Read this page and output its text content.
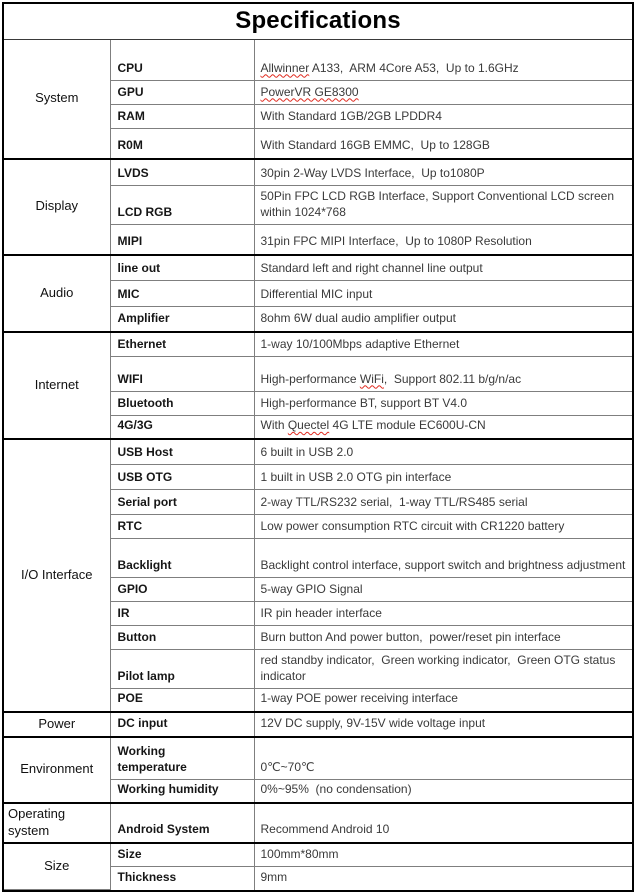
Specifications
System	CPU	Allwinner A133,  ARM 4Core A53,  Up to 1.6GHz
	GPU	PowerVR GE8300
	RAM	With Standard 1GB/2GB LPDDR4
	R0M	With Standard 16GB EMMC,  Up to 128GB
Display	LVDS	30pin 2-Way LVDS Interface,  Up to1080P
	LCD RGB	50Pin FPC LCD RGB Interface, Support Conventional LCD screen within 1024*768
	MIPI	31pin FPC MIPI Interface,  Up to 1080P Resolution
Audio	line out	Standard left and right channel line output
	MIC	Differential MIC input
	Amplifier	8ohm 6W dual audio amplifier output
Internet	Ethernet	1-way 10/100Mbps adaptive Ethernet
	WIFI	High-performance WiFi,  Support 802.11 b/g/n/ac
	Bluetooth	High-performance BT, support BT V4.0
	4G/3G	With Quectel 4G LTE module EC600U-CN
I/O Interface	USB Host	6 built in USB 2.0
	USB OTG	1 built in USB 2.0 OTG pin interface
	Serial port	2-way TTL/RS232 serial,  1-way TTL/RS485 serial
	RTC	Low power consumption RTC circuit with CR1220 battery
	Backlight	Backlight control interface, support switch and brightness adjustment
	GPIO	5-way GPIO Signal
	IR	IR pin header interface
	Button	Burn button And power button,  power/reset pin interface
	Pilot lamp	red standby indicator,  Green working indicator,  Green OTG status indicator
	POE	1-way POE power receiving interface
Power	DC input	12V DC supply, 9V-15V wide voltage input
Environment	Working temperature	0℃~70℃
	Working humidity	0%~95%  (no condensation)
Operating system	Android System	Recommend Android 10
Size	Size	100mm*80mm
	Thickness	9mm
